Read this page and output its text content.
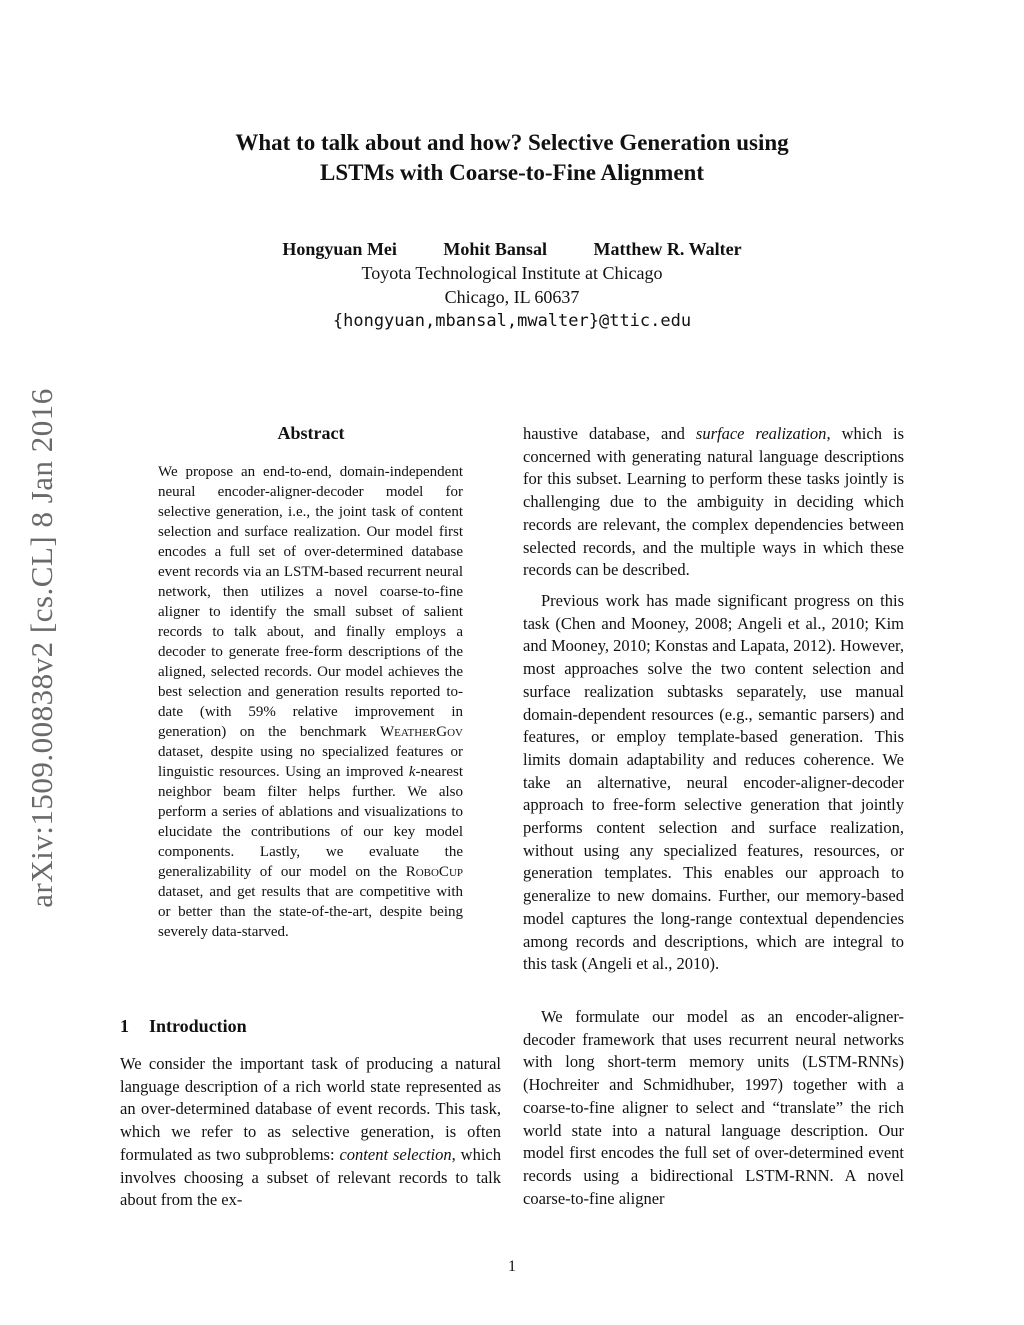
What to talk about and how? Selective Generation using
LSTMs with Coarse-to-Fine Alignment
Hongyuan Mei	Mohit Bansal	Matthew R. Walter
Toyota Technological Institute at Chicago
Chicago, IL 60637
{hongyuan,mbansal,mwalter}@ttic.edu
arXiv:1509.00838v2 [cs.CL] 8 Jan 2016	Abstract

We propose an end-to-end, domain-independent neural encoder-aligner-decoder model for selective generation, i.e., the joint task of content selection and surface realization. Our model first encodes a full set of over-determined database event records via an LSTM-based recurrent neural network, then utilizes a novel coarse-to-fine aligner to identify the small subset of salient records to talk about, and finally employs a decoder to generate free-form descriptions of the aligned, selected records. Our model achieves the best selection and generation results reported to-date (with 59% relative improvement in generation) on the benchmark WeatherGov dataset, despite using no specialized features or linguistic resources. Using an improved k-nearest neighbor beam filter helps further. We also perform a series of ablations and visualizations to elucidate the contributions of our key model components. Lastly, we evaluate the generalizability of our model on the RoboCup dataset, and get results that are competitive with or better than the state-of-the-art, despite being severely data-starved.

1 Introduction

We consider the important task of producing a natural language description of a rich world state represented as an over-determined database of event records. This task, which we refer to as selective generation, is often formulated as two subproblems: content selection, which involves choosing a subset of relevant records to talk about from the ex-

haustive database, and surface realization, which is concerned with generating natural language descriptions for this subset. Learning to perform these tasks jointly is challenging due to the ambiguity in deciding which records are relevant, the complex dependencies between selected records, and the multiple ways in which these records can be described.

Previous work has made significant progress on this task (Chen and Mooney, 2008; Angeli et al., 2010; Kim and Mooney, 2010; Konstas and Lapata, 2012). However, most approaches solve the two content selection and surface realization subtasks separately, use manual domain-dependent resources (e.g., semantic parsers) and features, or employ template-based generation. This limits domain adaptability and reduces coherence. We take an alternative, neural encoder-aligner-decoder approach to free-form selective generation that jointly performs content selection and surface realization, without using any specialized features, resources, or generation templates. This enables our approach to generalize to new domains. Further, our memory-based model captures the long-range contextual dependencies among records and descriptions, which are integral to this task (Angeli et al., 2010).

We formulate our model as an encoder-aligner-decoder framework that uses recurrent neural networks with long short-term memory units (LSTM-RNNs) (Hochreiter and Schmidhuber, 1997) together with a coarse-to-fine aligner to select and “translate” the rich world state into a natural language description. Our model first encodes the full set of over-determined event records using a bidirectional LSTM-RNN. A novel coarse-to-fine aligner

1
